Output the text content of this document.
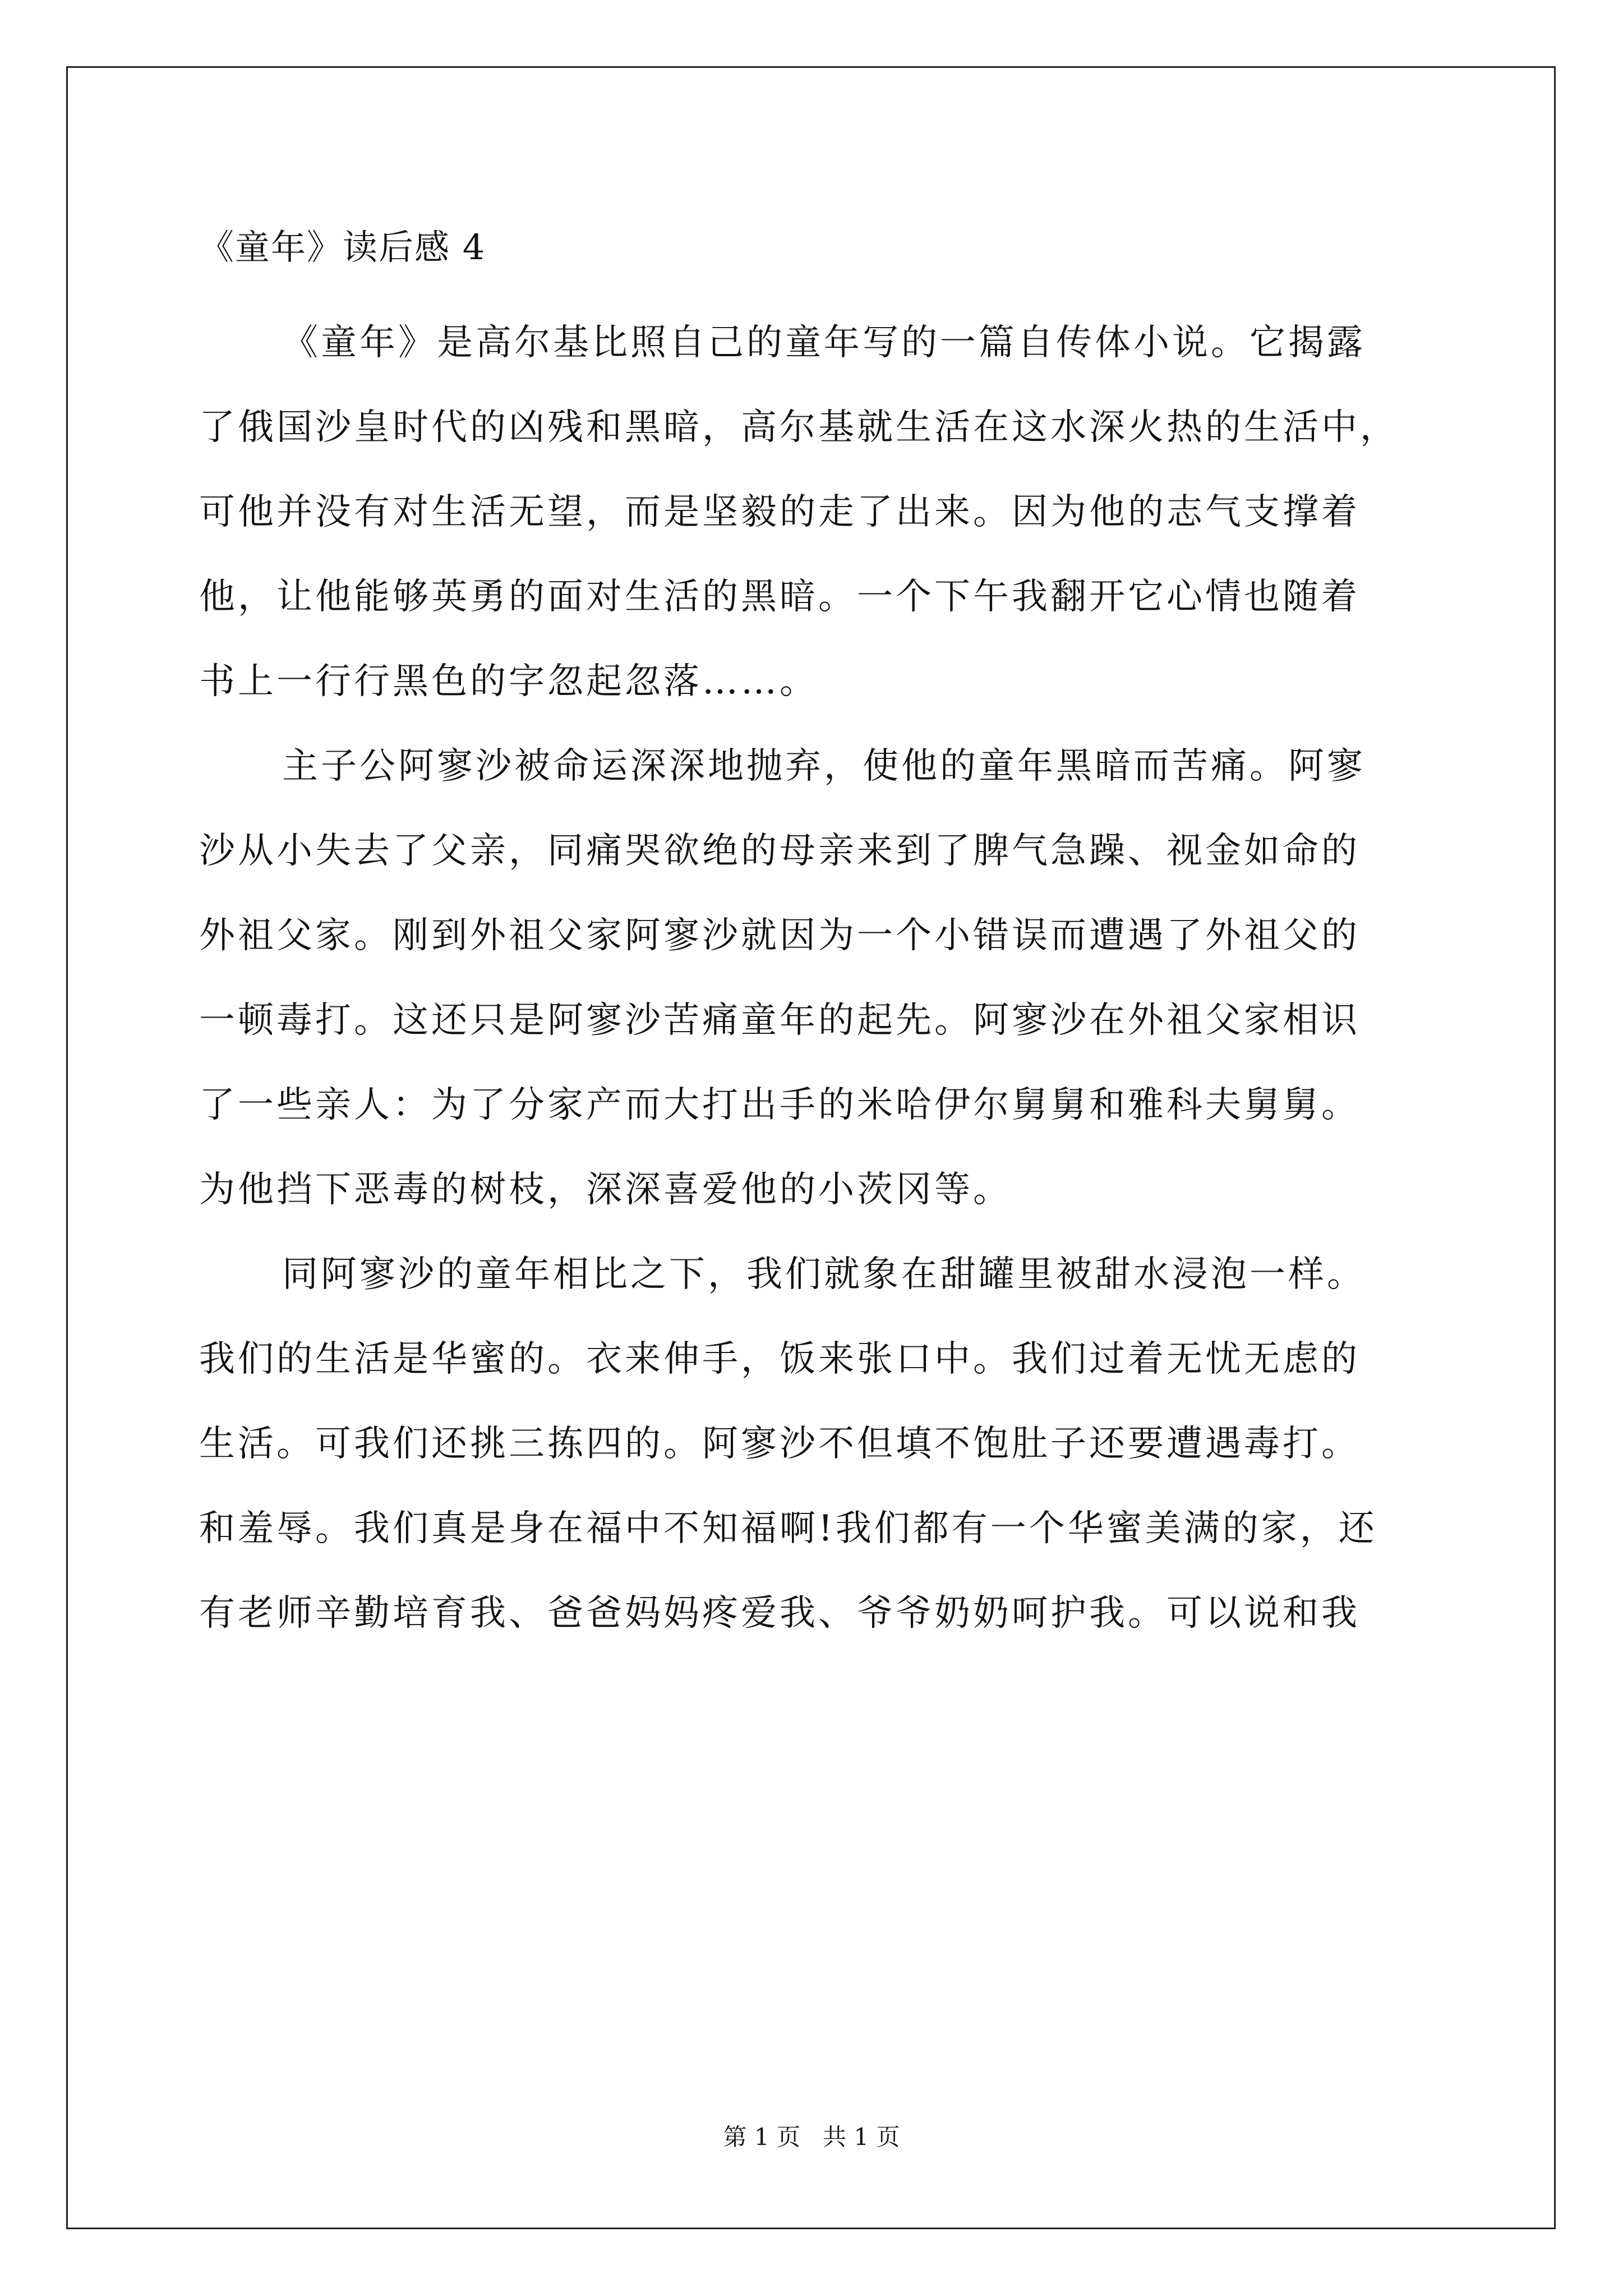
《童年》读后感 4
《童年》是高尔基比照自己的童年写的一篇自传体小说。它揭露
了俄国沙皇时代的凶残和黑暗，高尔基就生活在这水深火热的生活中，
可他并没有对生活无望，而是坚毅的走了出来。因为他的志气支撑着
他，让他能够英勇的面对生活的黑暗。一个下午我翻开它心情也随着
书上一行行黑色的字忽起忽落……。
主子公阿寥沙被命运深深地抛弃，使他的童年黑暗而苦痛。阿寥
沙从小失去了父亲，同痛哭欲绝的母亲来到了脾气急躁、视金如命的
外祖父家。刚到外祖父家阿寥沙就因为一个小错误而遭遇了外祖父的
一顿毒打。这还只是阿寥沙苦痛童年的起先。阿寥沙在外祖父家相识
了一些亲人：为了分家产而大打出手的米哈伊尔舅舅和雅科夫舅舅。
为他挡下恶毒的树枝，深深喜爱他的小茨冈等。
同阿寥沙的童年相比之下，我们就象在甜罐里被甜水浸泡一样。
我们的生活是华蜜的。衣来伸手，饭来张口中。我们过着无忧无虑的
生活。可我们还挑三拣四的。阿寥沙不但填不饱肚子还要遭遇毒打。
和羞辱。我们真是身在福中不知福啊!我们都有一个华蜜美满的家，还
有老师辛勤培育我、爸爸妈妈疼爱我、爷爷奶奶呵护我。可以说和我
第 1 页   共 1 页
